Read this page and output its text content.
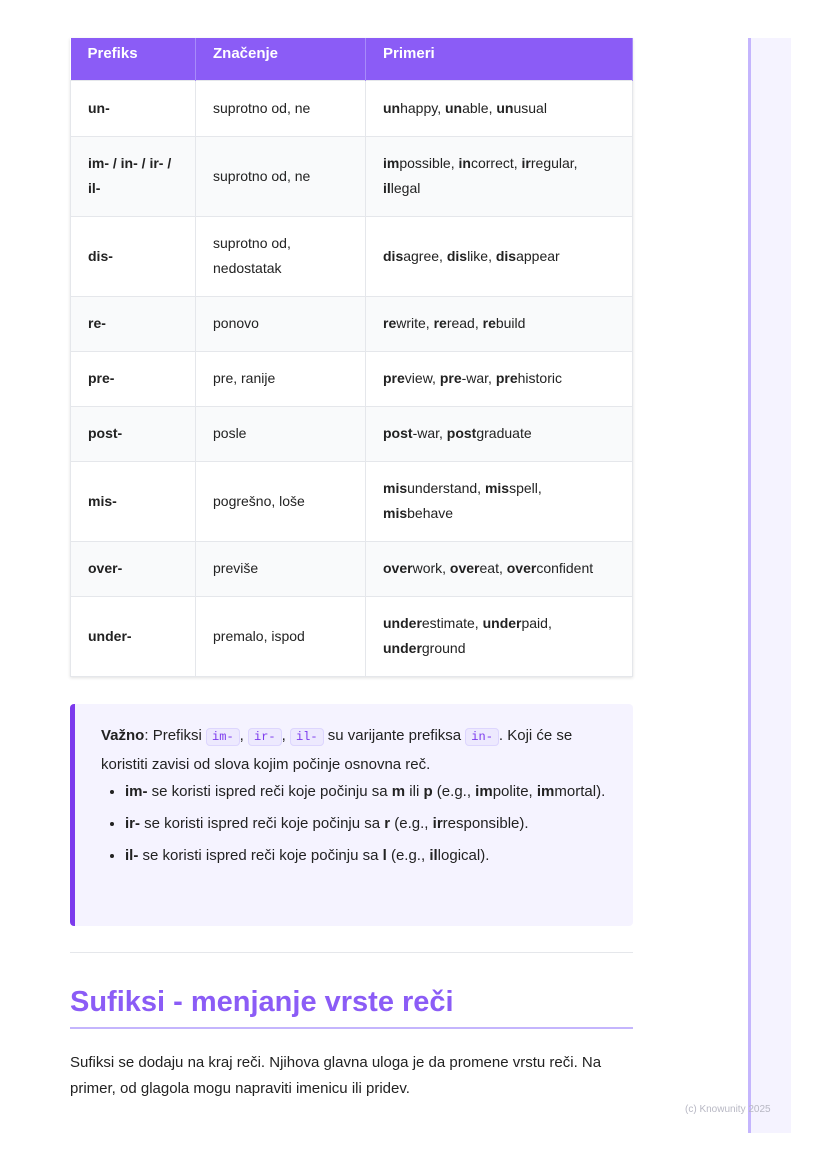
Prefiks	Značenje	Primeri
un-	suprotno od, ne	unhappy, unable, unusual
im- / in- / ir- / il-	suprotno od, ne	impossible, incorrect, irregular, illegal
dis-	suprotno od, nedostatak	disagree, dislike, disappear
re-	ponovo	rewrite, reread, rebuild
pre-	pre, ranije	preview, pre-war, prehistoric
post-	posle	post-war, postgraduate
mis-	pogrešno, loše	misunderstand, misspell, misbehave
over-	previše	overwork, overeat, overconfident
under-	premalo, ispod	underestimate, underpaid, underground
Važno: Prefiksi im- , ir- , il- su varijante prefiksa in- . Koji će se koristiti zavisi od slova kojim počinje osnovna reč.
• im- se koristi ispred reči koje počinju sa m ili p (e.g., impolite, immortal).
• ir- se koristi ispred reči koje počinju sa r (e.g., irresponsible).
• il- se koristi ispred reči koje počinju sa l (e.g., illogical).
Sufiksi - menjanje vrste reči
Sufiksi se dodaju na kraj reči. Njihova glavna uloga je da promene vrstu reči. Na primer, od glagola mogu napraviti imenicu ili pridev.
(c) Knowunity 2025
